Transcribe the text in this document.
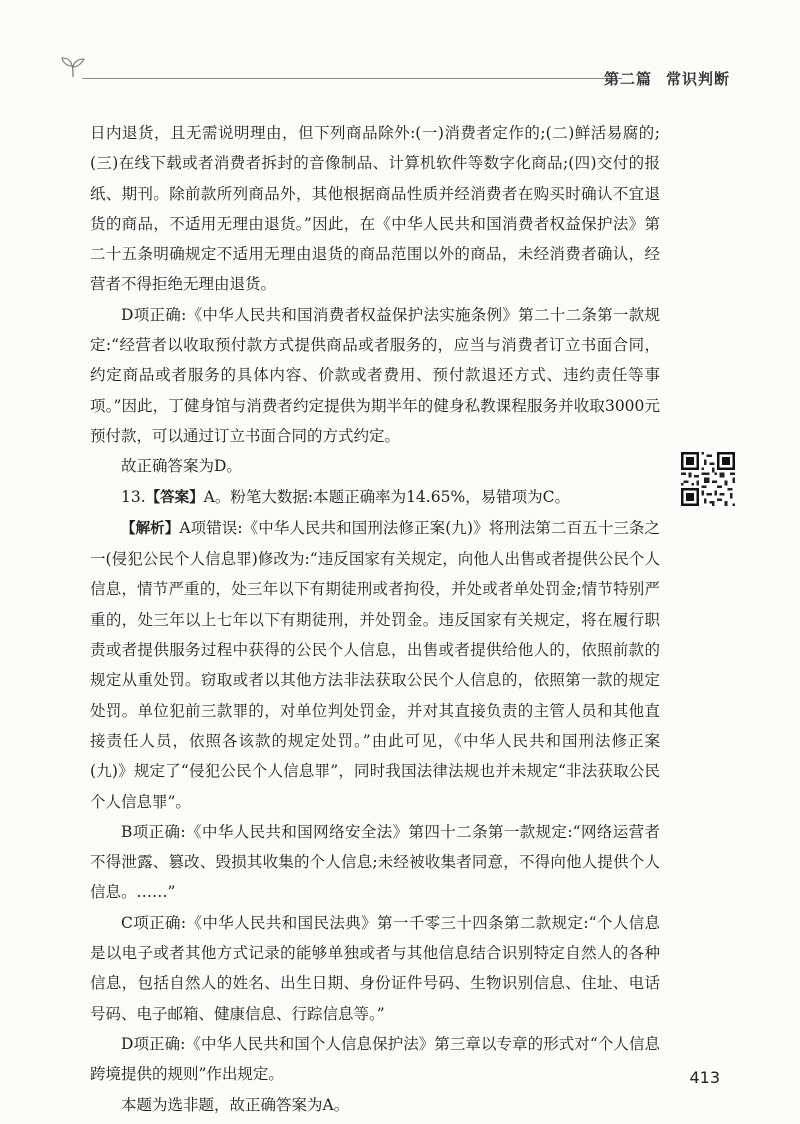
第二篇 常识判断

日内退货，且无需说明理由，但下列商品除外:(一)消费者定作的;(二)鲜活易腐的;(三)在线下载或者消费者拆封的音像制品、计算机软件等数字化商品;(四)交付的报纸、期刊。除前款所列商品外，其他根据商品性质并经消费者在购买时确认不宜退货的商品，不适用无理由退货。”因此，在《中华人民共和国消费者权益保护法》第二十五条明确规定不适用无理由退货的商品范围以外的商品，未经消费者确认，经营者不得拒绝无理由退货。

D项正确:《中华人民共和国消费者权益保护法实施条例》第二十二条第一款规定:“经营者以收取预付款方式提供商品或者服务的，应当与消费者订立书面合同，约定商品或者服务的具体内容、价款或者费用、预付款退还方式、违约责任等事项。”因此，丁健身馆与消费者约定提供为期半年的健身私教课程服务并收取3000元预付款，可以通过订立书面合同的方式约定。

故正确答案为D。

13.【答案】A。粉笔大数据:本题正确率为14.65%，易错项为C。

【解析】A项错误:《中华人民共和国刑法修正案(九)》将刑法第二百五十三条之一(侵犯公民个人信息罪)修改为:“违反国家有关规定，向他人出售或者提供公民个人信息，情节严重的，处三年以下有期徒刑或者拘役，并处或者单处罚金;情节特别严重的，处三年以上七年以下有期徒刑，并处罚金。违反国家有关规定，将在履行职责或者提供服务过程中获得的公民个人信息，出售或者提供给他人的，依照前款的规定从重处罚。窃取或者以其他方法非法获取公民个人信息的，依照第一款的规定处罚。单位犯前三款罪的，对单位判处罚金，并对其直接负责的主管人员和其他直接责任人员，依照各该款的规定处罚。”由此可见，《中华人民共和国刑法修正案(九)》规定了“侵犯公民个人信息罪”，同时我国法律法规也并未规定“非法获取公民个人信息罪”。

B项正确:《中华人民共和国网络安全法》第四十二条第一款规定:“网络运营者不得泄露、篡改、毁损其收集的个人信息;未经被收集者同意，不得向他人提供个人信息。……”

C项正确:《中华人民共和国民法典》第一千零三十四条第二款规定:“个人信息是以电子或者其他方式记录的能够单独或者与其他信息结合识别特定自然人的各种信息，包括自然人的姓名、出生日期、身份证件号码、生物识别信息、住址、电话号码、电子邮箱、健康信息、行踪信息等。”

D项正确:《中华人民共和国个人信息保护法》第三章以专章的形式对“个人信息跨境提供的规则”作出规定。

本题为选非题，故正确答案为A。

413
